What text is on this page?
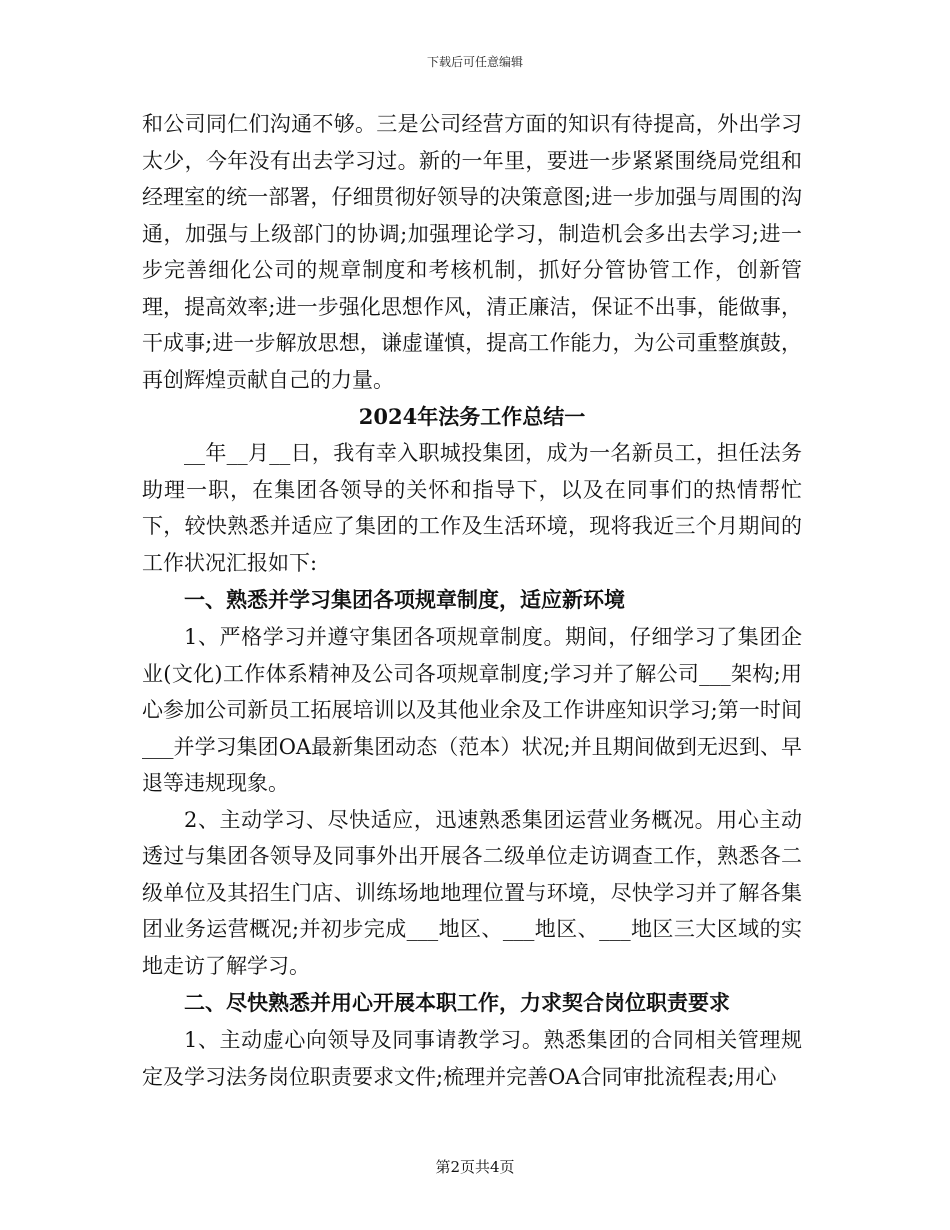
下载后可任意编辑

和公司同仁们沟通不够。三是公司经营方面的知识有待提高，外出学习太少，今年没有出去学习过。新的一年里，要进一步紧紧围绕局党组和经理室的统一部署，仔细贯彻好领导的决策意图;进一步加强与周围的沟通，加强与上级部门的协调;加强理论学习，制造机会多出去学习;进一步完善细化公司的规章制度和考核机制，抓好分管协管工作，创新管理，提高效率;进一步强化思想作风，清正廉洁，保证不出事，能做事，干成事;进一步解放思想，谦虚谨慎，提高工作能力，为公司重整旗鼓，再创辉煌贡献自己的力量。

2024年法务工作总结一

__年__月__日，我有幸入职城投集团，成为一名新员工，担任法务助理一职，在集团各领导的关怀和指导下，以及在同事们的热情帮忙下，较快熟悉并适应了集团的工作及生活环境，现将我近三个月期间的工作状况汇报如下:

一、熟悉并学习集团各项规章制度，适应新环境

1、严格学习并遵守集团各项规章制度。期间，仔细学习了集团企业(文化)工作体系精神及公司各项规章制度;学习并了解公司___架构;用心参加公司新员工拓展培训以及其他业余及工作讲座知识学习;第一时间___并学习集团OA最新集团动态（范本）状况;并且期间做到无迟到、早退等违规现象。

2、主动学习、尽快适应，迅速熟悉集团运营业务概况。用心主动透过与集团各领导及同事外出开展各二级单位走访调查工作，熟悉各二级单位及其招生门店、训练场地地理位置与环境，尽快学习并了解各集团业务运营概况;并初步完成___地区、___地区、___地区三大区域的实地走访了解学习。

二、尽快熟悉并用心开展本职工作，力求契合岗位职责要求

1、主动虚心向领导及同事请教学习。熟悉集团的合同相关管理规定及学习法务岗位职责要求文件;梳理并完善OA合同审批流程表;用心

第2页共4页
